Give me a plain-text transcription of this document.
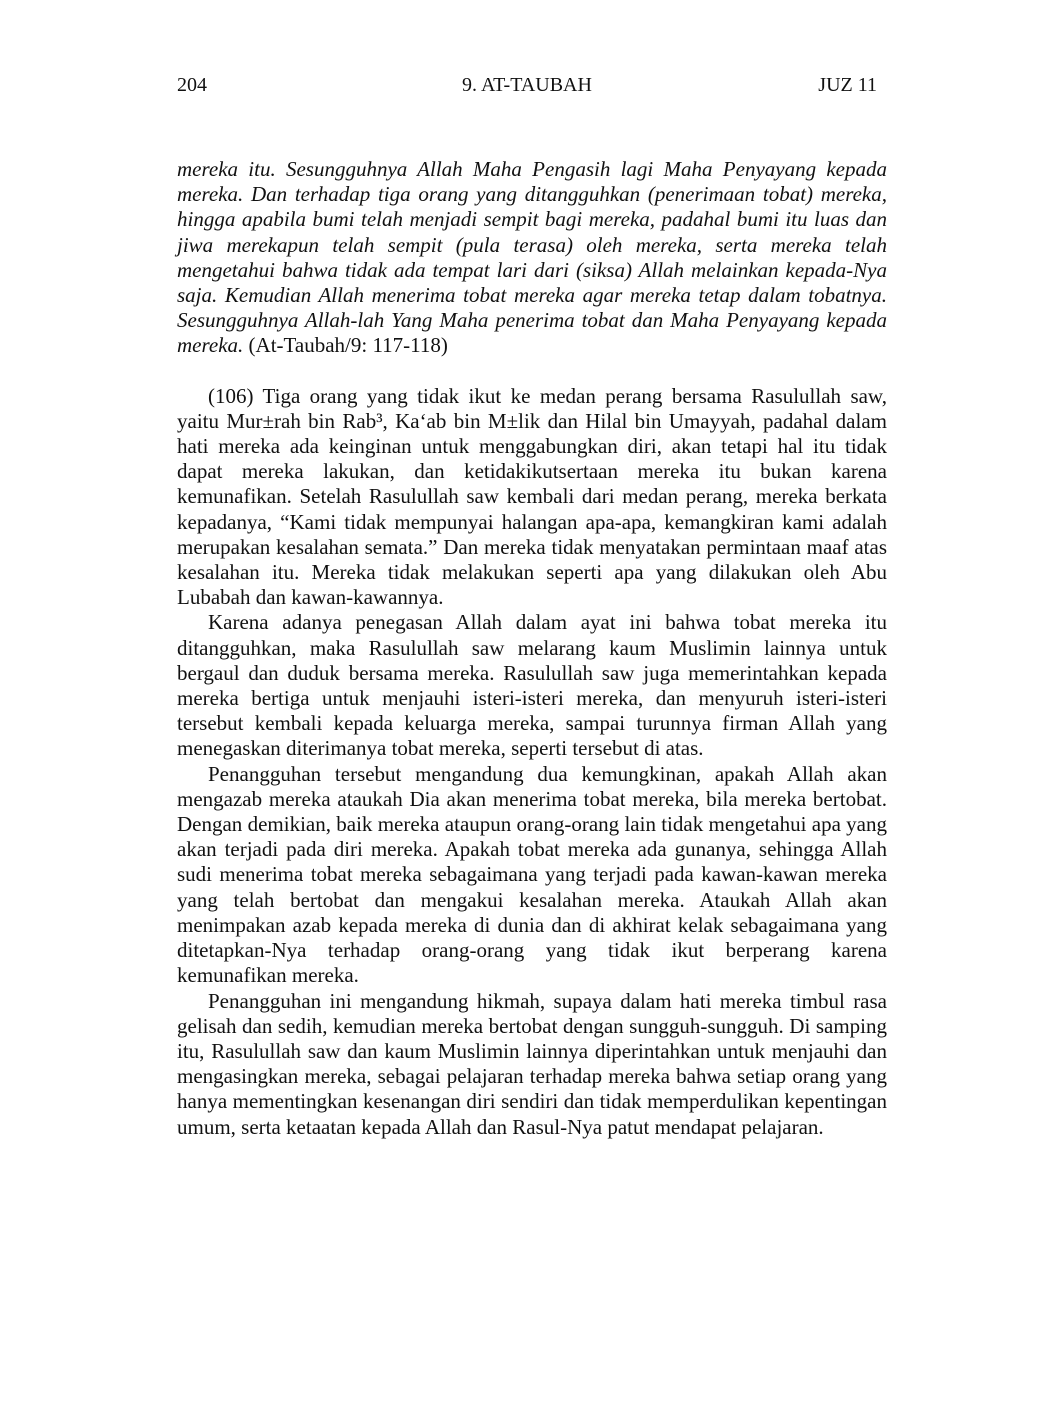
204	9. AT-TAUBAH	JUZ 11

mereka itu. Sesungguhnya Allah Maha Pengasih lagi Maha Penyayang kepada mereka. Dan terhadap tiga orang yang ditangguhkan (penerimaan tobat) mereka, hingga apabila bumi telah menjadi sempit bagi mereka, padahal bumi itu luas dan jiwa merekapun telah sempit (pula terasa) oleh mereka, serta mereka telah mengetahui bahwa tidak ada tempat lari dari (siksa) Allah melainkan kepada-Nya saja. Kemudian Allah menerima tobat mereka agar mereka tetap dalam tobatnya. Sesungguhnya Allah-lah Yang Maha penerima tobat dan Maha Penyayang kepada mereka. (At-Taubah/9: 117-118)

(106) Tiga orang yang tidak ikut ke medan perang bersama Rasulullah saw, yaitu Mur±rah bin Rab³, Ka‘ab bin M±lik dan Hilal bin Umayyah, padahal dalam hati mereka ada keinginan untuk menggabungkan diri, akan tetapi hal itu tidak dapat mereka lakukan, dan ketidakikutsertaan mereka itu bukan karena kemunafikan. Setelah Rasulullah saw kembali dari medan perang, mereka berkata kepadanya, “Kami tidak mempunyai halangan apa-apa, kemangkiran kami adalah merupakan kesalahan semata.” Dan mereka tidak menyatakan permintaan maaf atas kesalahan itu. Mereka tidak melakukan seperti apa yang dilakukan oleh Abu Lubabah dan kawan-kawannya.

Karena adanya penegasan Allah dalam ayat ini bahwa tobat mereka itu ditangguhkan, maka Rasulullah saw melarang kaum Muslimin lainnya untuk bergaul dan duduk bersama mereka. Rasulullah saw juga memerintahkan kepada mereka bertiga untuk menjauhi isteri-isteri mereka, dan menyuruh isteri-isteri tersebut kembali kepada keluarga mereka, sampai turunnya firman Allah yang menegaskan diterimanya tobat mereka, seperti tersebut di atas.

Penangguhan tersebut mengandung dua kemungkinan, apakah Allah akan mengazab mereka ataukah Dia akan menerima tobat mereka, bila mereka bertobat. Dengan demikian, baik mereka ataupun orang-orang lain tidak mengetahui apa yang akan terjadi pada diri mereka. Apakah tobat mereka ada gunanya, sehingga Allah sudi menerima tobat mereka sebagaimana yang terjadi pada kawan-kawan mereka yang telah bertobat dan mengakui kesalahan mereka. Ataukah Allah akan menimpakan azab kepada mereka di dunia dan di akhirat kelak sebagaimana yang ditetapkan-Nya terhadap orang-orang yang tidak ikut berperang karena kemunafikan mereka.

Penangguhan ini mengandung hikmah, supaya dalam hati mereka timbul rasa gelisah dan sedih, kemudian mereka bertobat dengan sungguh-sungguh. Di samping itu, Rasulullah saw dan kaum Muslimin lainnya diperintahkan untuk menjauhi dan mengasingkan mereka, sebagai pelajaran terhadap mereka bahwa setiap orang yang hanya mementingkan kesenangan diri sendiri dan tidak memperdulikan kepentingan umum, serta ketaatan kepada Allah dan Rasul-Nya patut mendapat pelajaran.
